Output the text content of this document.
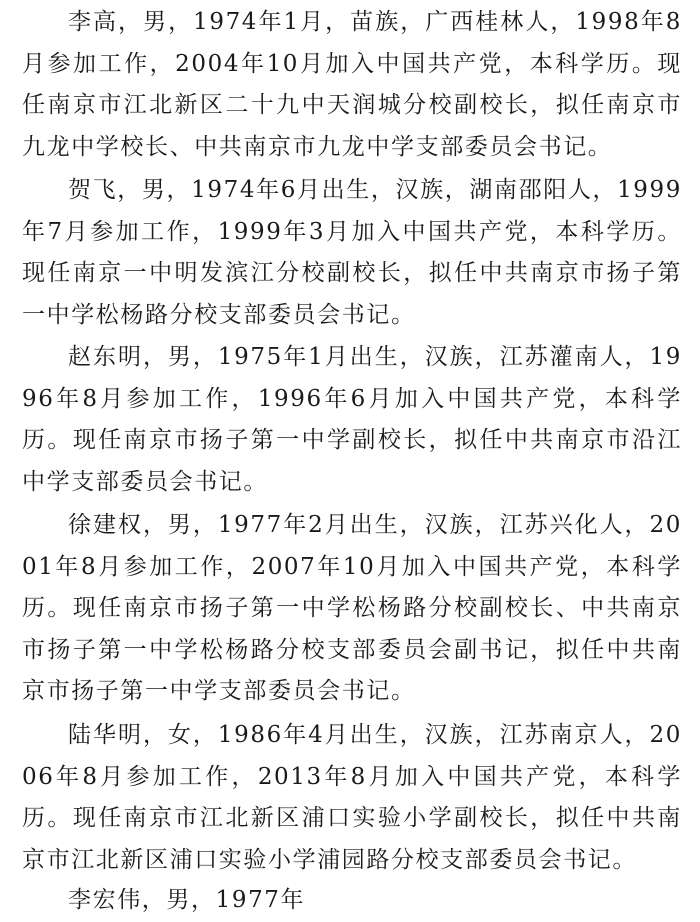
李高，男，1974年1月，苗族，广西桂林人，1998年8月参加工作，2004年10月加入中国共产党，本科学历。现任南京市江北新区二十九中天润城分校副校长，拟任南京市九龙中学校长、中共南京市九龙中学支部委员会书记。

贺飞，男，1974年6月出生，汉族，湖南邵阳人，1999年7月参加工作，1999年3月加入中国共产党，本科学历。现任南京一中明发滨江分校副校长，拟任中共南京市扬子第一中学松杨路分校支部委员会书记。

赵东明，男，1975年1月出生，汉族，江苏灌南人，1996年8月参加工作，1996年6月加入中国共产党，本科学历。现任南京市扬子第一中学副校长，拟任中共南京市沿江中学支部委员会书记。

徐建权，男，1977年2月出生，汉族，江苏兴化人，2001年8月参加工作，2007年10月加入中国共产党，本科学历。现任南京市扬子第一中学松杨路分校副校长、中共南京市扬子第一中学松杨路分校支部委员会副书记，拟任中共南京市扬子第一中学支部委员会书记。

陆华明，女，1986年4月出生，汉族，江苏南京人，2006年8月参加工作，2013年8月加入中国共产党，本科学历。现任南京市江北新区浦口实验小学副校长，拟任中共南京市江北新区浦口实验小学浦园路分校支部委员会书记。

李宏伟，男，1977年
